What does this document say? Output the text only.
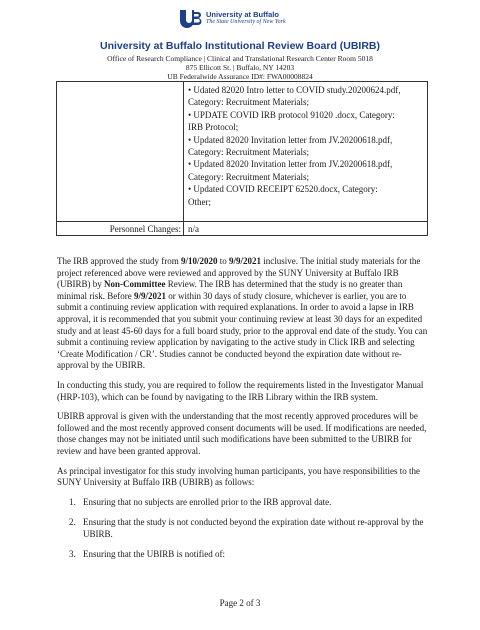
University at Buffalo
The State University of New York
University at Buffalo Institutional Review Board (UBIRB)
Office of Research Compliance | Clinical and Translational Research Center Room 5018
875 Ellicott St. | Buffalo, NY 14203
UB Federalwide Assurance ID#: FWA00008824
• Udated 82020 Intro letter to COVID study.20200624.pdf,
Category: Recruitment Materials;
• UPDATE COVID IRB protocol 91020 .docx, Category:
IRB Protocol;
• Updated 82020 Invitation letter from JV.20200618.pdf,
Category: Recruitment Materials;
• Updated 82020 Invitation letter from JV.20200618.pdf,
Category: Recruitment Materials;
• Updated COVID RECEIPT 62520.docx, Category:
Other;
Personnel Changes: n/a

The IRB approved the study from 9/10/2020 to 9/9/2021 inclusive. The initial study materials for the project referenced above were reviewed and approved by the SUNY University at Buffalo IRB (UBIRB) by Non-Committee Review. The IRB has determined that the study is no greater than minimal risk. Before 9/9/2021 or within 30 days of study closure, whichever is earlier, you are to submit a continuing review application with required explanations. In order to avoid a lapse in IRB approval, it is recommended that you submit your continuing review at least 30 days for an expedited study and at least 45-60 days for a full board study, prior to the approval end date of the study. You can submit a continuing review application by navigating to the active study in Click IRB and selecting ‘Create Modification / CR’. Studies cannot be conducted beyond the expiration date without re-approval by the UBIRB.

In conducting this study, you are required to follow the requirements listed in the Investigator Manual (HRP-103), which can be found by navigating to the IRB Library within the IRB system.

UBIRB approval is given with the understanding that the most recently approved procedures will be followed and the most recently approved consent documents will be used. If modifications are needed, those changes may not be initiated until such modifications have been submitted to the UBIRB for review and have been granted approval.

As principal investigator for this study involving human participants, you have responsibilities to the SUNY University at Buffalo IRB (UBIRB) as follows:

1. Ensuring that no subjects are enrolled prior to the IRB approval date.
2. Ensuring that the study is not conducted beyond the expiration date without re-approval by the UBIRB.
3. Ensuring that the UBIRB is notified of:
Page 2 of 3
